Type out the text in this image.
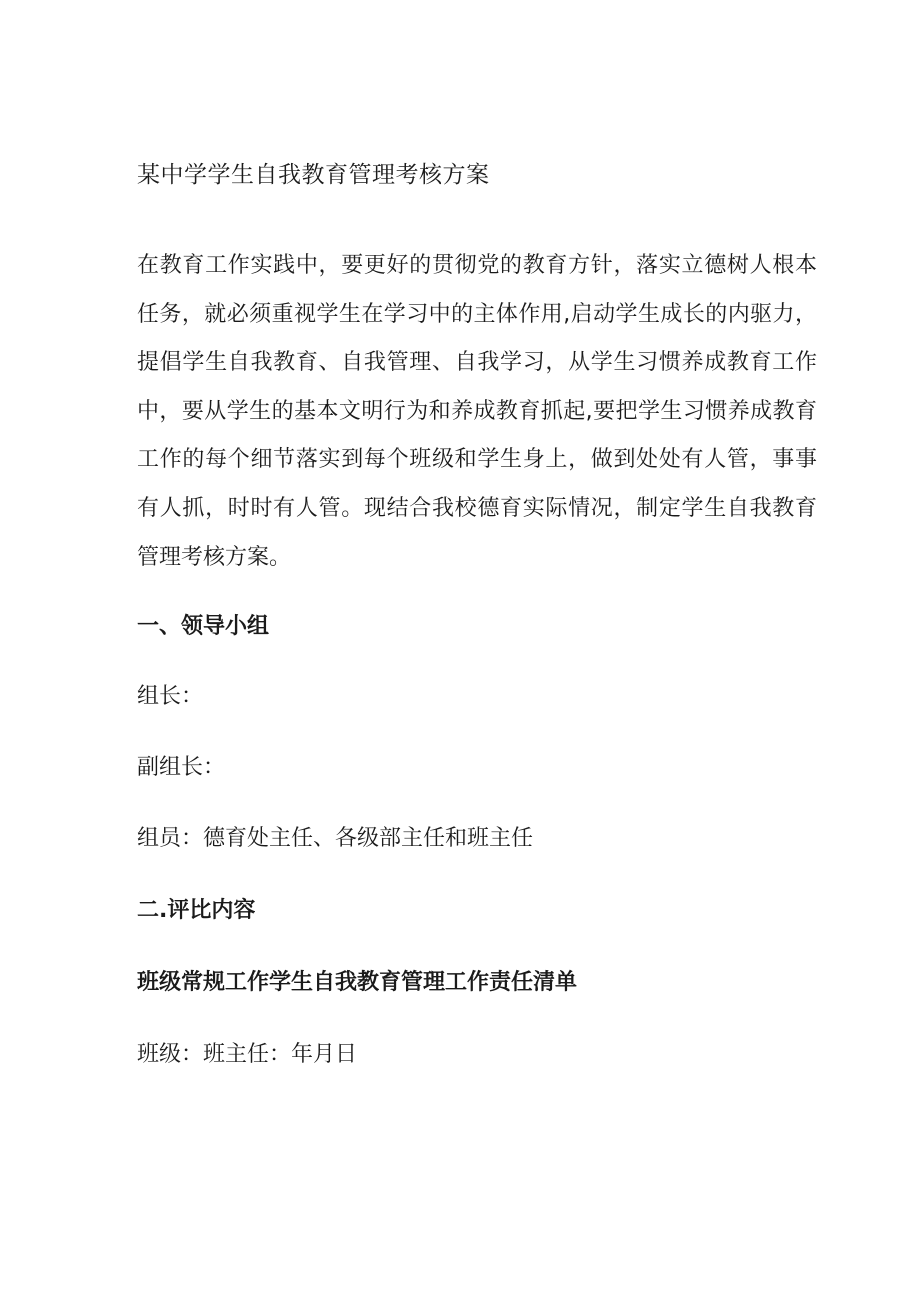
某中学学生自我教育管理考核方案

在教育工作实践中，要更好的贯彻党的教育方针，落实立德树人根本任务，就必须重视学生在学习中的主体作用,启动学生成长的内驱力，提倡学生自我教育、自我管理、自我学习，从学生习惯养成教育工作中，要从学生的基本文明行为和养成教育抓起,要把学生习惯养成教育工作的每个细节落实到每个班级和学生身上，做到处处有人管，事事有人抓，时时有人管。现结合我校德育实际情况，制定学生自我教育管理考核方案。

一、领导小组

组长：

副组长：

组员：德育处主任、各级部主任和班主任

二.评比内容
班级常规工作学生自我教育管理工作责任清单

班级：班主任：年月日
